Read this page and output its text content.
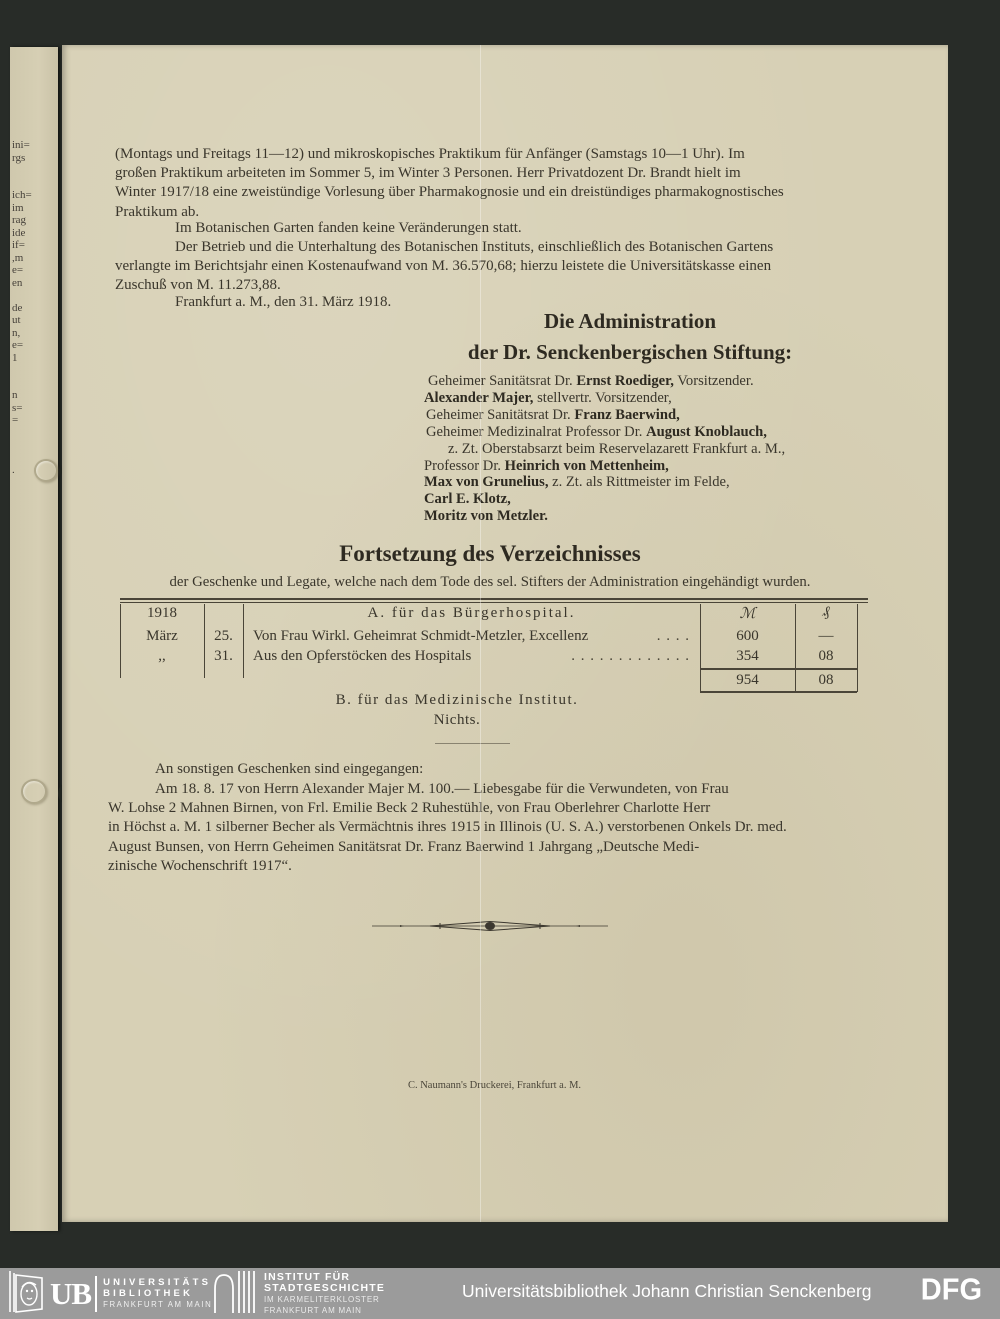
ini=
rgs
ich=
im
rag
ide
if=
,m
e=
en
de
ut
n,
e=
1
n
s=
=
.
(Montags und Freitags 11—12) und mikroskopisches Praktikum für Anfänger (Samstags 10—1 Uhr). Im
großen Praktikum arbeiteten im Sommer 5, im Winter 3 Personen. Herr Privatdozent Dr. Brandt hielt im
Winter 1917/18 eine zweistündige Vorlesung über Pharmakognosie und ein dreistündiges pharmakognostisches
Praktikum ab.
Im Botanischen Garten fanden keine Veränderungen statt.
Der Betrieb und die Unterhaltung des Botanischen Instituts, einschließlich des Botanischen Gartens
verlangte im Berichtsjahr einen Kostenaufwand von M. 36.570,68; hierzu leistete die Universitätskasse einen
Zuschuß von M. 11.273,88.
Frankfurt a. M., den 31. März 1918.
Die Administration
der Dr. Senckenbergischen Stiftung:
Geheimer Sanitätsrat Dr. Ernst Roediger, Vorsitzender.
Alexander Majer, stellvertr. Vorsitzender,
Geheimer Sanitätsrat Dr. Franz Baerwind,
Geheimer Medizinalrat Professor Dr. August Knoblauch,
z. Zt. Oberstabsarzt beim Reservelazarett Frankfurt a. M.,
Professor Dr. Heinrich von Mettenheim,
Max von Grunelius, z. Zt. als Rittmeister im Felde,
Carl E. Klotz,
Moritz von Metzler.
Fortsetzung des Verzeichnisses
der Geschenke und Legate, welche nach dem Tode des sel. Stifters der Administration eingehändigt wurden.
1918	A. für das Bürgerhospital.	ℳ	₰
März	25.	Von Frau Wirkl. Geheimrat Schmidt-Metzler, Excellenz	. . . .	600	—
,,	31.	Aus den Opferstöcken des Hospitals	. . . . . . . . . . . . .	354	08
954	08
B. für das Medizinische Institut.
Nichts.
An sonstigen Geschenken sind eingegangen:
Am 18. 8. 17 von Herrn Alexander Majer M. 100.— Liebesgabe für die Verwundeten, von Frau
W. Lohse 2 Mahnen Birnen, von Frl. Emilie Beck 2 Ruhestühle, von Frau Oberlehrer Charlotte Herr
in Höchst a. M. 1 silberner Becher als Vermächtnis ihres 1915 in Illinois (U. S. A.) verstorbenen Onkels Dr. med.
August Bunsen, von Herrn Geheimen Sanitätsrat Dr. Franz Baerwind 1 Jahrgang „Deutsche Medi-
zinische Wochenschrift 1917“.
C. Naumann's Druckerei, Frankfurt a. M.
UB UNIVERSITÄTS
BIBLIOTHEK
FRANKFURT AM MAIN
INSTITUT FÜR
STADTGESCHICHTE
IM KARMELITERKLOSTER
FRANKFURT AM MAIN
Universitätsbibliothek Johann Christian Senckenberg DFG
